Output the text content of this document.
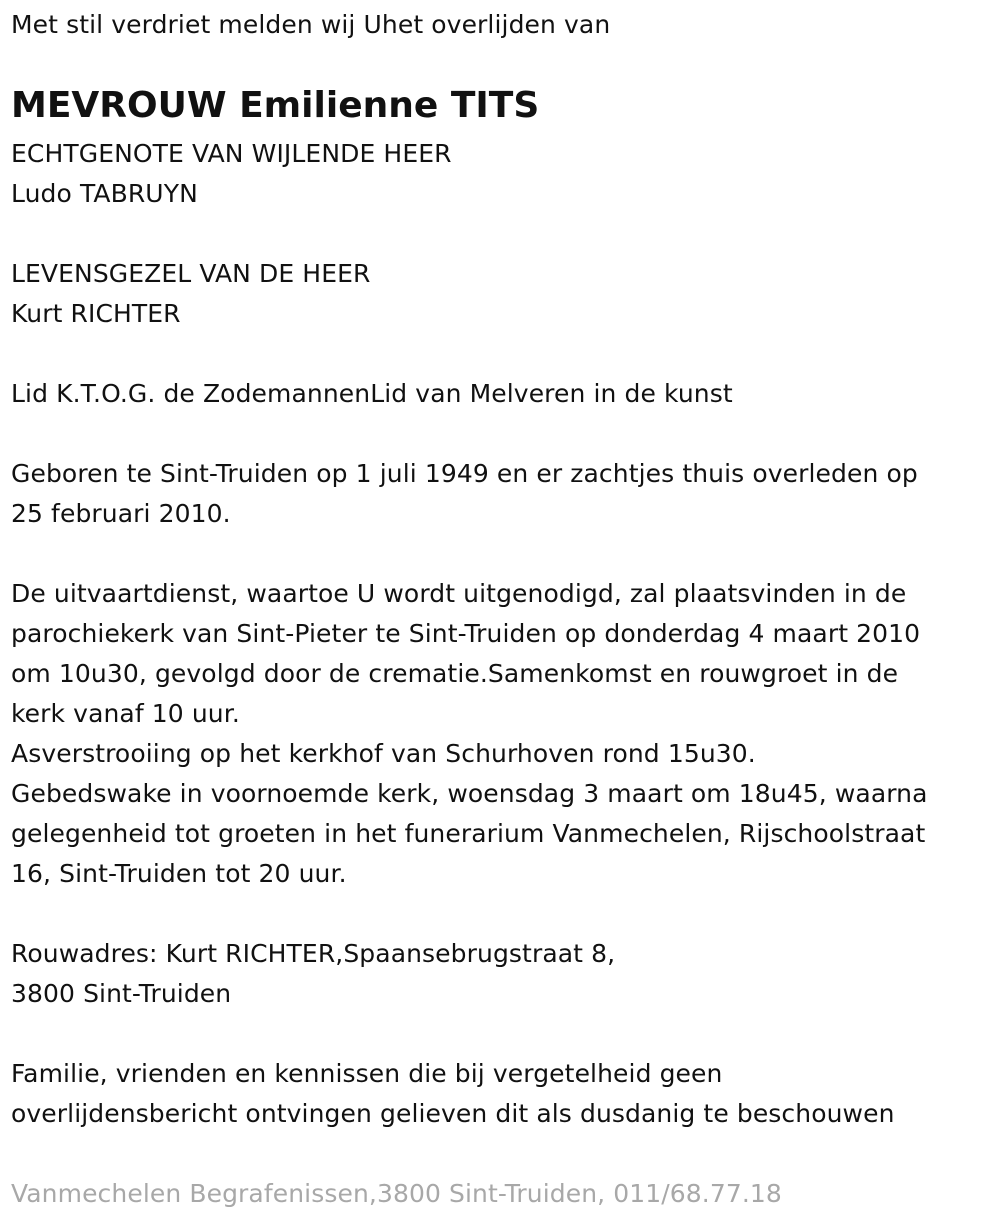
Met stil verdriet melden wij Uhet overlijden van
MEVROUW Emilienne TITS
ECHTGENOTE VAN WIJLENDE HEER
Ludo TABRUYN
LEVENSGEZEL VAN DE HEER
Kurt RICHTER
Lid K.T.O.G. de ZodemannenLid van Melveren in de kunst
Geboren te Sint-Truiden op 1 juli 1949 en er zachtjes thuis overleden op
25 februari 2010.
De uitvaartdienst, waartoe U wordt uitgenodigd, zal plaatsvinden in de
parochiekerk van Sint-Pieter te Sint-Truiden op donderdag 4 maart 2010
om 10u30, gevolgd door de crematie.Samenkomst en rouwgroet in de
kerk vanaf 10 uur.
Asverstrooiing op het kerkhof van Schurhoven rond 15u30.
Gebedswake in voornoemde kerk, woensdag 3 maart om 18u45, waarna
gelegenheid tot groeten in het funerarium Vanmechelen, Rijschoolstraat
16, Sint-Truiden tot 20 uur.
Rouwadres: Kurt RICHTER,Spaansebrugstraat 8,
3800 Sint-Truiden
Familie, vrienden en kennissen die bij vergetelheid geen
overlijdensbericht ontvingen gelieven dit als dusdanig te beschouwen
Vanmechelen Begrafenissen,3800 Sint-Truiden, 011/68.77.18
